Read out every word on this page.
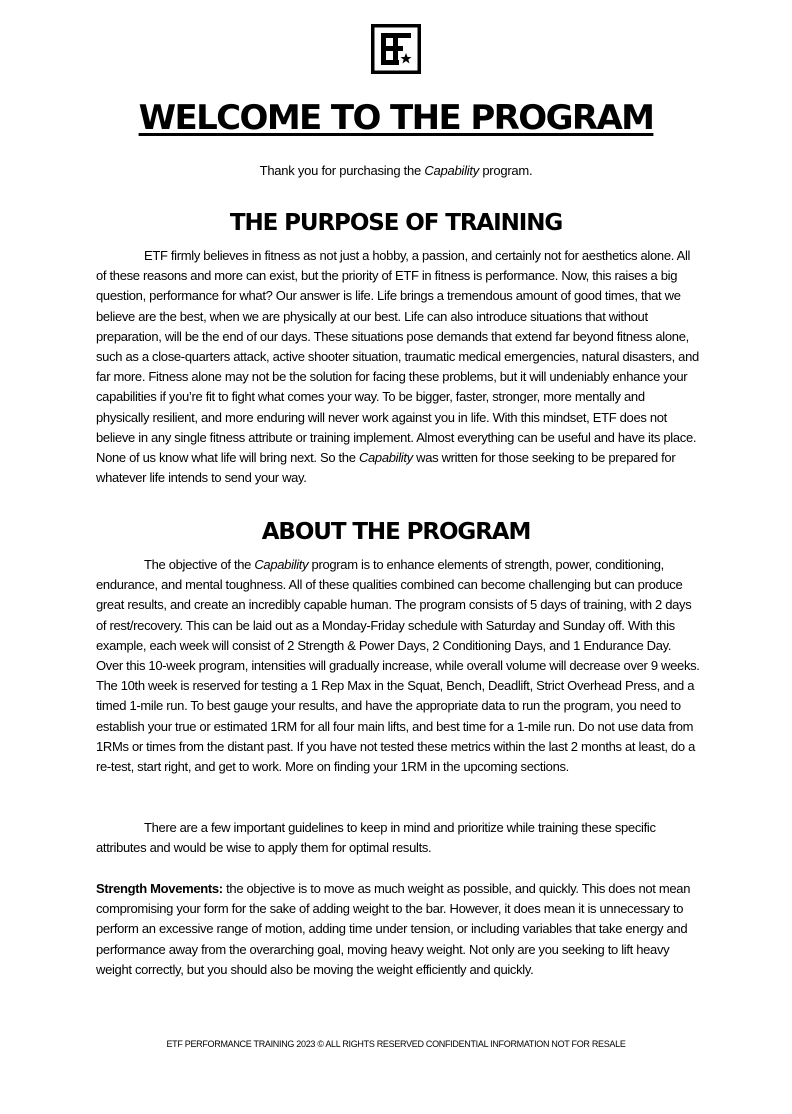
WELCOME TO THE PROGRAM
Thank you for purchasing the Capability program.
THE PURPOSE OF TRAINING

ETF firmly believes in fitness as not just a hobby, a passion, and certainly not for aesthetics alone. All of these reasons and more can exist, but the priority of ETF in fitness is performance. Now, this raises a big question, performance for what? Our answer is life. Life brings a tremendous amount of good times, that we believe are the best, when we are physically at our best. Life can also introduce situations that without preparation, will be the end of our days. These situations pose demands that extend far beyond fitness alone, such as a close-quarters attack, active shooter situation, traumatic medical emergencies, natural disasters, and far more. Fitness alone may not be the solution for facing these problems, but it will undeniably enhance your capabilities if you’re fit to fight what comes your way. To be bigger, faster, stronger, more mentally and physically resilient, and more enduring will never work against you in life. With this mindset, ETF does not believe in any single fitness attribute or training implement. Almost everything can be useful and have its place. None of us know what life will bring next. So the Capability was written for those seeking to be prepared for whatever life intends to send your way.

ABOUT THE PROGRAM

The objective of the Capability program is to enhance elements of strength, power, conditioning, endurance, and mental toughness. All of these qualities combined can become challenging but can produce great results, and create an incredibly capable human. The program consists of 5 days of training, with 2 days of rest/recovery. This can be laid out as a Monday-Friday schedule with Saturday and Sunday off. With this example, each week will consist of 2 Strength & Power Days, 2 Conditioning Days, and 1 Endurance Day. Over this 10-week program, intensities will gradually increase, while overall volume will decrease over 9 weeks. The 10th week is reserved for testing a 1 Rep Max in the Squat, Bench, Deadlift, Strict Overhead Press, and a timed 1-mile run. To best gauge your results, and have the appropriate data to run the program, you need to establish your true or estimated 1RM for all four main lifts, and best time for a 1-mile run. Do not use data from 1RMs or times from the distant past. If you have not tested these metrics within the last 2 months at least, do a re-test, start right, and get to work. More on finding your 1RM in the upcoming sections.

There are a few important guidelines to keep in mind and prioritize while training these specific attributes and would be wise to apply them for optimal results.

Strength Movements: the objective is to move as much weight as possible, and quickly. This does not mean compromising your form for the sake of adding weight to the bar. However, it does mean it is unnecessary to perform an excessive range of motion, adding time under tension, or including variables that take energy and performance away from the overarching goal, moving heavy weight. Not only are you seeking to lift heavy weight correctly, but you should also be moving the weight efficiently and quickly.

ETF PERFORMANCE TRAINING 2023 © ALL RIGHTS RESERVED CONFIDENTIAL INFORMATION NOT FOR RESALE
